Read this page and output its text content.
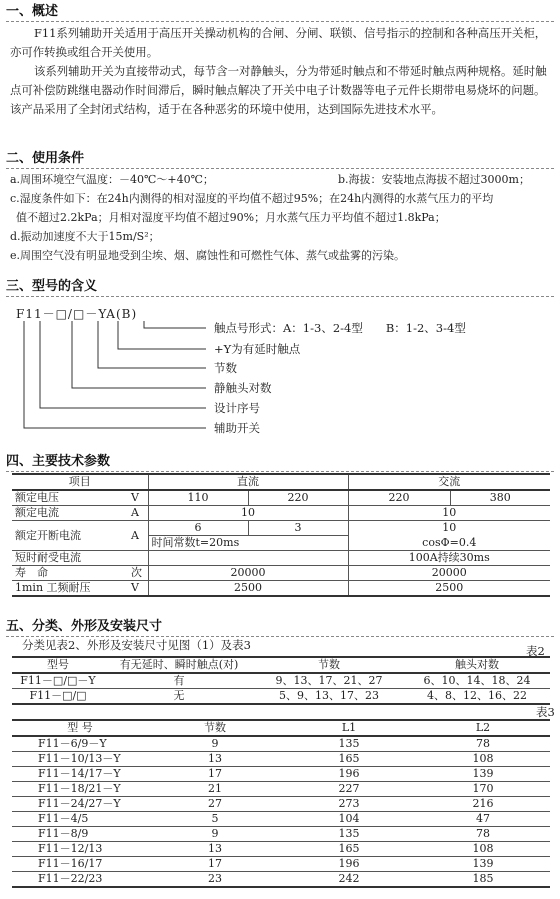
一、概述

F11系列辅助开关适用于高压开关操动机构的合闸、分闸、联锁、信号指示的控制和各种高压开关柜，亦可作转换或组合开关使用。

该系列辅助开关为直接带动式，每节含一对静触头，分为带延时触点和不带延时触点两种规格。延时触点可补偿防跳继电器动作时间滞后，瞬时触点解决了开关中电子计数器等电子元件长期带电易烧坏的问题。该产品采用了全封闭式结构，适于在各种恶劣的环境中使用，达到国际先进技术水平。

二、使用条件
a.周围环境空气温度：－40℃～+40℃；	b.海拔：安装地点海拔不超过3000m；
c.湿度条件如下：在24h内测得的相对湿度的平均值不超过95%；在24h内测得的水蒸气压力的平均
值不超过2.2kPa；月相对湿度平均值不超过90%；月水蒸气压力平均值不超过1.8kPa；
d.振动加速度不大于15m/S²；
e.周围空气没有明显地受到尘埃、烟、腐蚀性和可燃性气体、蒸气或盐雾的污染。
三、型号的含义
F11－□/□－YA(B)
触点号形式：A：1-3、2-4型　　B：1-2、3-4型
+Y为有延时触点
节数
静触头对数
设计序号
辅助开关
四、主要技术参数
项目		直流		交流	
额定电压	V	110	220	220	380
额定电流	A	10		10	
额定开断电流	A	6	3	10	
		时间常数t=20ms		cosΦ=0.4	
短时耐受电流				100A持续30ms	
寿　命	次	20000		20000	
1min 工频耐压	V	2500		2500	
五、分类、外形及安装尺寸
分类见表2、外形及安装尺寸见图（1）及表3	表2
型号	有无延时、瞬时触点(对)	节数	触头对数
F11－□/□－Y	有	9、13、17、21、27	6、10、14、18、24
F11－□/□	无	5、9、13、17、23	4、8、12、16、22
表3
型 号	节数	L1	L2
F11－6/9－Y	9	135	78
F11－10/13－Y	13	165	108
F11－14/17－Y	17	196	139
F11－18/21－Y	21	227	170
F11－24/27－Y	27	273	216
F11－4/5	5	104	47
F11－8/9	9	135	78
F11－12/13	13	165	108
F11－16/17	17	196	139
F11－22/23	23	242	185
